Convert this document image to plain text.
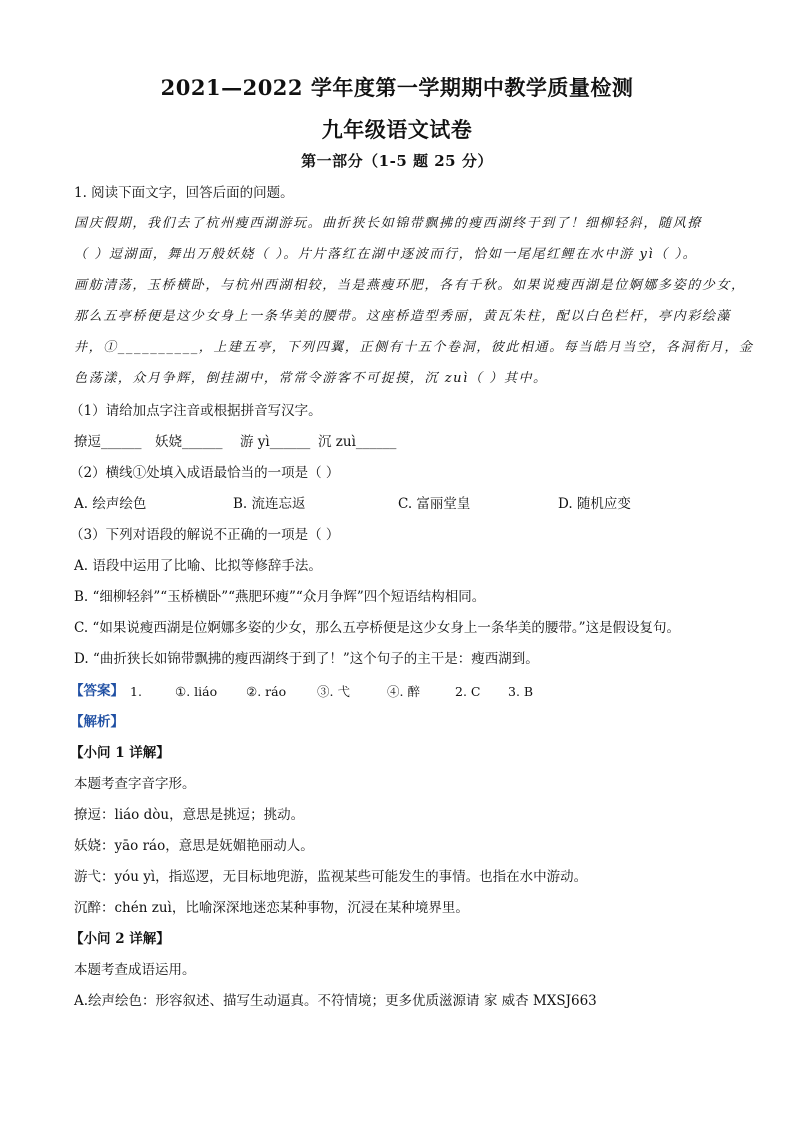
2021—2022 学年度第一学期期中教学质量检测
九年级语文试卷
第一部分（1-5 题 25 分）
1. 阅读下面文字，回答后面的问题。
国庆假期，我们去了杭州瘦西湖游玩。曲折狭长如锦带飘拂的瘦西湖终于到了！细柳轻斜，随风撩
（ ）逗湖面，舞出万般妖娆（ ）。片片落红在湖中逐波而行，恰如一尾尾红鲤在水中游 yì（ ）。
画舫清荡，玉桥横卧，与杭州西湖相较，当是燕瘦环肥，各有千秋。如果说瘦西湖是位婀娜多姿的少女，
那么五亭桥便是这少女身上一条华美的腰带。这座桥造型秀丽，黄瓦朱柱，配以白色栏杆，亭内彩绘藻
井，①__________，上建五亭，下列四翼，正侧有十五个卷洞，彼此相通。每当皓月当空，各洞衔月，金
色荡漾，众月争辉，倒挂湖中，常常令游客不可捉摸，沉 zuì（ ）其中。
（1）请给加点字注音或根据拼音写汉字。
撩逗______ 妖娆______ 游 yì______ 沉 zuì______
（2）横线①处填入成语最恰当的一项是（ ）
A. 绘声绘色	B. 流连忘返	C. 富丽堂皇	D. 随机应变
（3）下列对语段的解说不正确的一项是（ ）
A. 语段中运用了比喻、比拟等修辞手法。
B. “细柳轻斜”“玉桥横卧”“燕肥环瘦”“众月争辉”四个短语结构相同。
C. “如果说瘦西湖是位婀娜多姿的少女，那么五亭桥便是这少女身上一条华美的腰带。”这是假设复句。
D. “曲折狭长如锦带飘拂的瘦西湖终于到了！”这个句子的主干是：瘦西湖到。
【答案】 1.	①. liáo ②. ráo ③. 弋	④. 醉	2. C 3. B
【解析】
【小问 1 详解】
本题考查字音字形。
撩逗：liáo dòu，意思是挑逗；挑动。
妖娆：yāo ráo，意思是妩媚艳丽动人。
游弋：yóu yì，指巡逻，无目标地兜游，监视某些可能发生的事情。也指在水中游动。
沉醉：chén zuì，比喻深深地迷恋某种事物，沉浸在某种境界里。
【小问 2 详解】
本题考查成语运用。
A.绘声绘色：形容叙述、描写生动逼真。不符情境；更多优质滋源请 家 威杏 MXSJ663
